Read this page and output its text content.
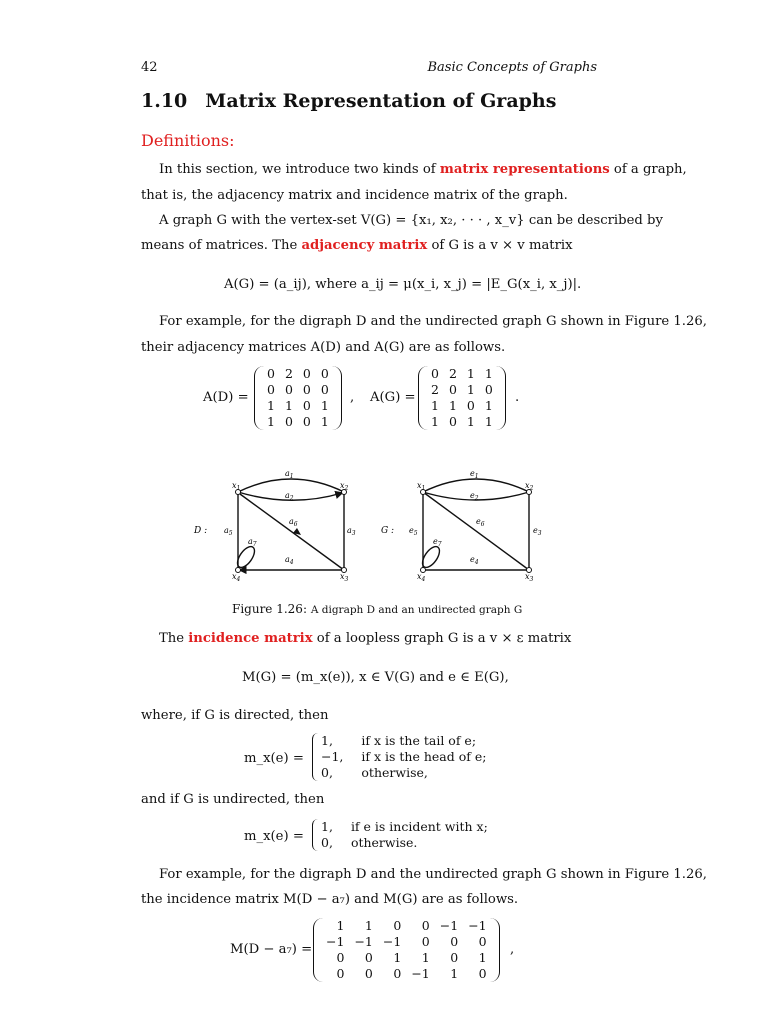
42	Basic Concepts of Graphs
1.10 Matrix Representation of Graphs
Definitions:
In this section, we introduce two kinds of matrix representations of a graph,
that is, the adjacency matrix and incidence matrix of the graph.
A graph G with the vertex-set V(G) = {x₁, x₂, · · · , x_v} can be described by
means of matrices. The adjacency matrix of G is a v × v matrix
A(G) = (a_ij), where a_ij = μ(x_i, x_j) = |E_G(x_i, x_j)|.
For example, for the digraph D and the undirected graph G shown in Figure 1.26,
their adjacency matrices A(D) and A(G) are as follows.
A(D) =
0	2	0	0
0	0	0	0
1	1	0	1
1	0	0	1
, A(G) =
0	2	1	1
2	0	1	0
1	1	0	1
1	0	1	1
.
$x_1$	$x_2$
$x_3$
$x_4$
$a_1$
$a_2$
$a_3$
$a_4$
$a_5$
$a_6$
$a_7$
D :
$x_1$	$x_2$
$x_3$
$x_4$
$e_1$
$e_2$
$e_3$
$e_4$
$e_5$
$e_6$
$e_7$
G :
Figure 1.26: A digraph D and an undirected graph G
The incidence matrix of a loopless graph G is a v × ε matrix
M(G) = (m_x(e)), x ∈ V(G) and e ∈ E(G),
where, if G is directed, then
m_x(e) =
1,	if x is the tail of e;
−1,	if x is the head of e;
0,	otherwise,
and if G is undirected, then
m_x(e) =
1,	if e is incident with x;
0,	otherwise.
For example, for the digraph D and the undirected graph G shown in Figure 1.26,
the incidence matrix M(D − a₇) and M(G) are as follows.
M(D − a₇) =
1	1	0	0	−1	−1
−1	−1	−1	0	0	0
0	0	1	1	0	1
0	0	0	−1	1	0
,
